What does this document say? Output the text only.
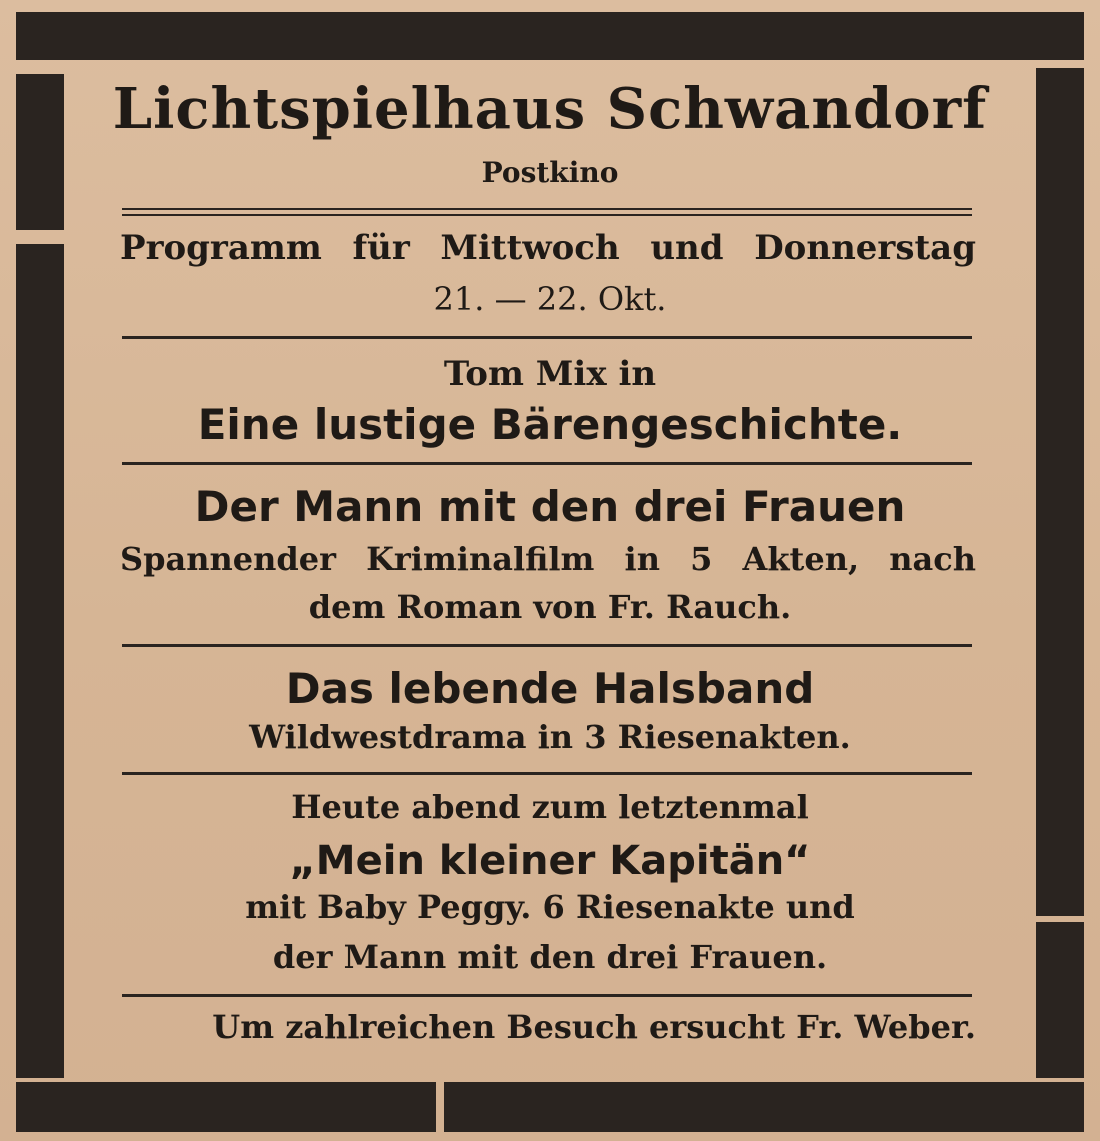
Lichtspielhaus Schwandorf
Postkino
Programm für Mittwoch und Donnerstag
21. — 22. Okt.
Tom Mix in
Eine lustige Bärengeschichte.
Der Mann mit den drei Frauen
Spannender Kriminalfilm in 5 Akten, nach
dem Roman von Fr. Rauch.
Das lebende Halsband
Wildwestdrama in 3 Riesenakten.
Heute abend zum letztenmal
„Mein kleiner Kapitän“
mit Baby Peggy. 6 Riesenakte und
der Mann mit den drei Frauen.
Um zahlreichen Besuch ersucht Fr. Weber.
